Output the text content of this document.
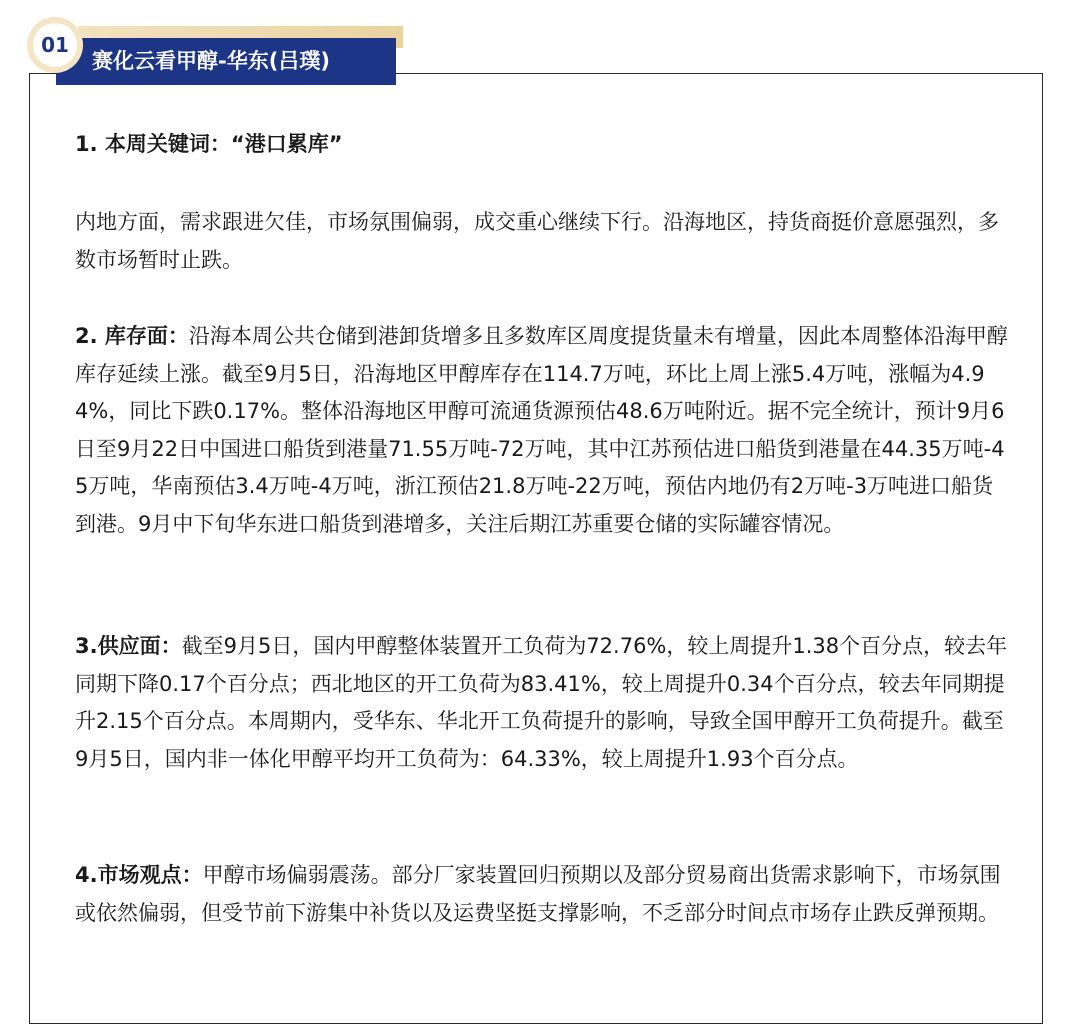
赛化云看甲醇-华东(吕璞)
01

1. 本周关键词：“港口累库”

内地方面，需求跟进欠佳，市场氛围偏弱，成交重心继续下行。沿海地区，持货商挺价意愿强烈，多数市场暂时止跌。

2. 库存面：沿海本周公共仓储到港卸货增多且多数库区周度提货量未有增量，因此本周整体沿海甲醇库存延续上涨。截至9月5日，沿海地区甲醇库存在114.7万吨，环比上周上涨5.4万吨，涨幅为4.94%，同比下跌0.17%。整体沿海地区甲醇可流通货源预估48.6万吨附近。据不完全统计，预计9月6日至9月22日中国进口船货到港量71.55万吨-72万吨，其中江苏预估进口船货到港量在44.35万吨-45万吨，华南预估3.4万吨-4万吨，浙江预估21.8万吨-22万吨，预估内地仍有2万吨-3万吨进口船货到港。9月中下旬华东进口船货到港增多，关注后期江苏重要仓储的实际罐容情况。

3.供应面：截至9月5日，国内甲醇整体装置开工负荷为72.76%，较上周提升1.38个百分点，较去年同期下降0.17个百分点；西北地区的开工负荷为83.41%，较上周提升0.34个百分点，较去年同期提升2.15个百分点。本周期内，受华东、华北开工负荷提升的影响，导致全国甲醇开工负荷提升。截至9月5日，国内非一体化甲醇平均开工负荷为：64.33%，较上周提升1.93个百分点。

4.市场观点：甲醇市场偏弱震荡。部分厂家装置回归预期以及部分贸易商出货需求影响下，市场氛围或依然偏弱，但受节前下游集中补货以及运费坚挺支撑影响，不乏部分时间点市场存止跌反弹预期。
